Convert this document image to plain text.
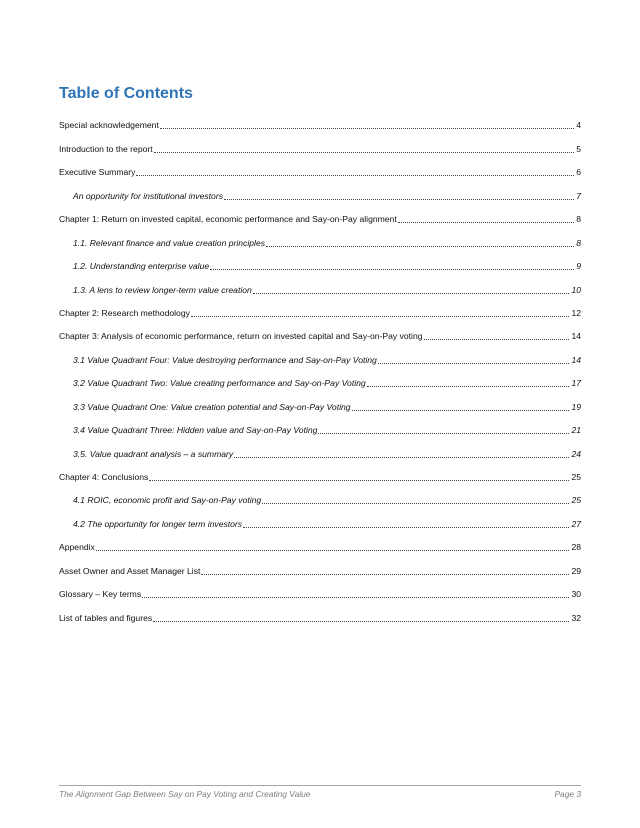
Table of Contents
Special acknowledgement	4
Introduction to the report	5
Executive Summary	6
An opportunity for institutional investors	7
Chapter 1: Return on invested capital, economic performance and Say-on-Pay alignment	8
1.1. Relevant finance and value creation principles	8
1.2. Understanding enterprise value	9
1.3. A lens to review longer-term value creation	10
Chapter 2: Research methodology	12
Chapter 3: Analysis of economic performance, return on invested capital and Say-on-Pay voting	14
3.1 Value Quadrant Four: Value destroying performance and Say-on-Pay Voting	14
3.2 Value Quadrant Two: Value creating performance and Say-on-Pay Voting	17
3.3 Value Quadrant One: Value creation potential and Say-on-Pay Voting	19
3.4 Value Quadrant Three: Hidden value and Say-on-Pay Voting	21
3.5. Value quadrant analysis – a summary	24
Chapter 4: Conclusions	25
4.1 ROIC, economic profit and Say-on-Pay voting	25
4.2 The opportunity for longer term investors	27
Appendix	28
Asset Owner and Asset Manager List	29
Glossary – Key terms	30
List of tables and figures	32
The Alignment Gap Between Say on Pay Voting and Creating Value	Page 3
